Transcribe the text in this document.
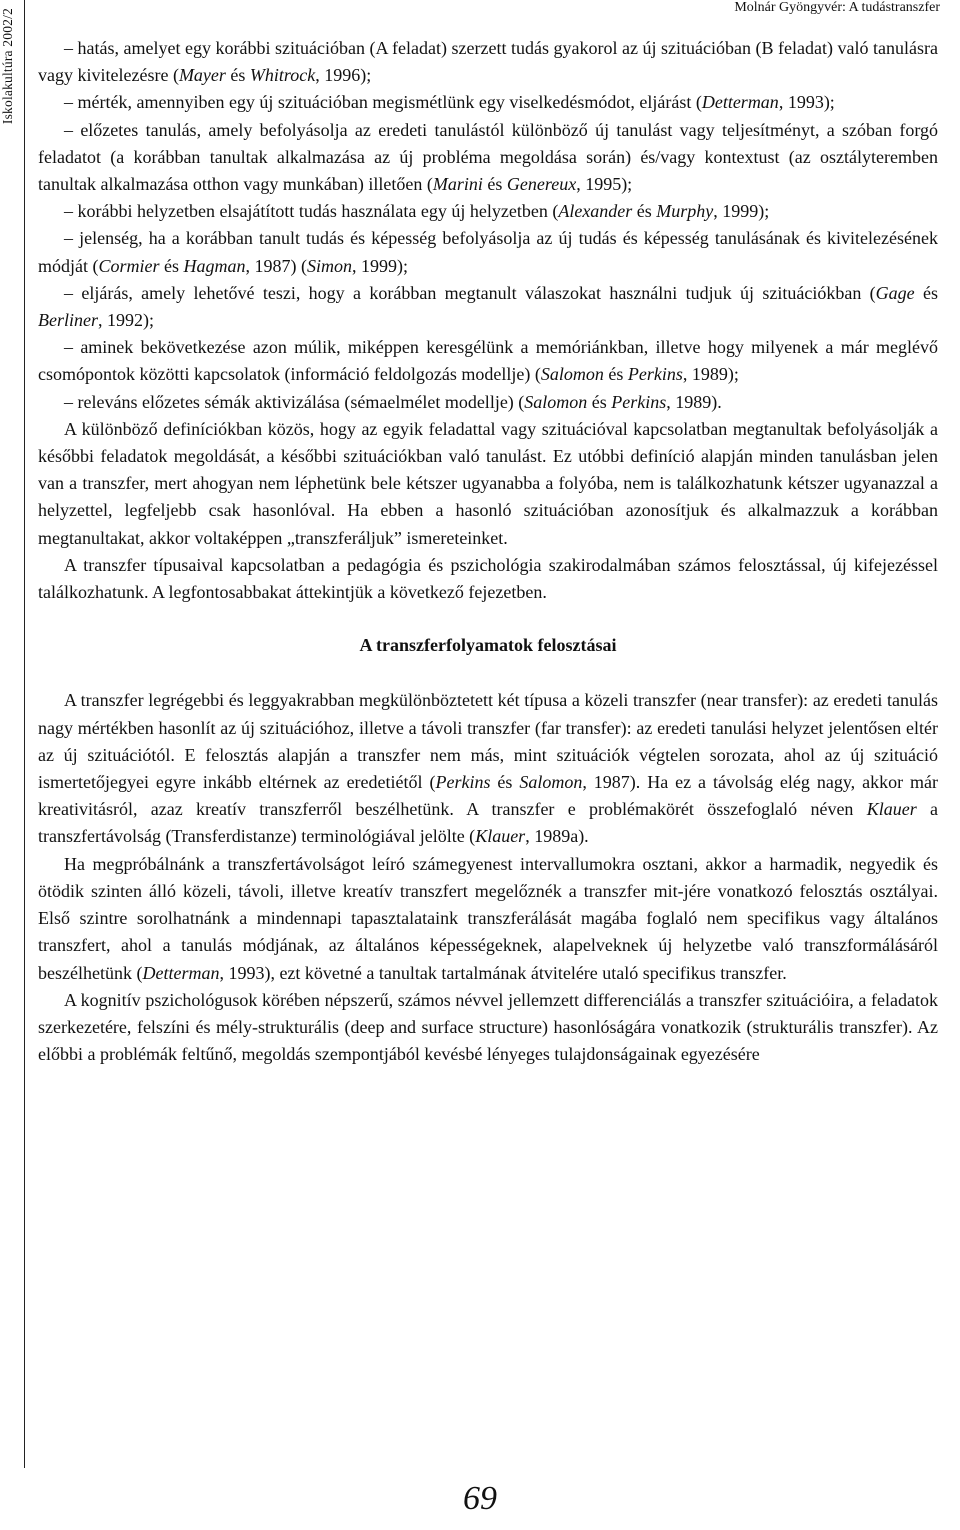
Iskolakultúra 2002/2
Molnár Gyöngyvér: A tudástranszfer

– hatás, amelyet egy korábbi szituációban (A feladat) szerzett tudás gyakorol az új szituációban (B feladat) való tanulásra vagy kivitelezésre (Mayer és Whitrock, 1996);

– mérték, amennyiben egy új szituációban megismétlünk egy viselkedésmódot, eljárást (Detterman, 1993);

– előzetes tanulás, amely befolyásolja az eredeti tanulástól különböző új tanulást vagy teljesítményt, a szóban forgó feladatot (a korábban tanultak alkalmazása az új probléma megoldása során) és/vagy kontextust (az osztályteremben tanultak alkalmazása otthon vagy munkában) illetően (Marini és Genereux, 1995);

– korábbi helyzetben elsajátított tudás használata egy új helyzetben (Alexander és Murphy, 1999);

– jelenség, ha a korábban tanult tudás és képesség befolyásolja az új tudás és képesség tanulásának és kivitelezésének módját (Cormier és Hagman, 1987) (Simon, 1999);

– eljárás, amely lehetővé teszi, hogy a korábban megtanult válaszokat használni tudjuk új szituációkban (Gage és Berliner, 1992);

– aminek bekövetkezése azon múlik, miképpen keresgélünk a memóriánkban, illetve hogy milyenek a már meglévő csomópontok közötti kapcsolatok (információ feldolgozás modellje) (Salomon és Perkins, 1989);

– releváns előzetes sémák aktivizálása (sémaelmélet modellje) (Salomon és Perkins, 1989).

A különböző definíciókban közös, hogy az egyik feladattal vagy szituációval kapcsolatban megtanultak befolyásolják a későbbi feladatok megoldását, a későbbi szituációkban való tanulást. Ez utóbbi definíció alapján minden tanulásban jelen van a transzfer, mert ahogyan nem léphetünk bele kétszer ugyanabba a folyóba, nem is találkozhatunk kétszer ugyanazzal a helyzettel, legfeljebb csak hasonlóval. Ha ebben a hasonló szituációban azonosítjuk és alkalmazzuk a korábban megtanultakat, akkor voltaképpen „transzferáljuk” ismereteinket.

A transzfer típusaival kapcsolatban a pedagógia és pszichológia szakirodalmában számos felosztással, új kifejezéssel találkozhatunk. A legfontosabbakat áttekintjük a következő fejezetben.

A transzferfolyamatok felosztásai

A transzfer legrégebbi és leggyakrabban megkülönböztetett két típusa a közeli transzfer (near transfer): az eredeti tanulás nagy mértékben hasonlít az új szituációhoz, illetve a távoli transzfer (far transfer): az eredeti tanulási helyzet jelentősen eltér az új szituációtól. E felosztás alapján a transzfer nem más, mint szituációk végtelen sorozata, ahol az új szituáció ismertetőjegyei egyre inkább eltérnek az eredetiétől (Perkins és Salomon, 1987). Ha ez a távolság elég nagy, akkor már kreativitásról, azaz kreatív transzferről beszélhetünk. A transzfer e problémakörét összefoglaló néven Klauer a transzfertávolság (Transferdistanze) terminológiával jelölte (Klauer, 1989a).

Ha megpróbálnánk a transzfertávolságot leíró számegyenest intervallumokra osztani, akkor a harmadik, negyedik és ötödik szinten álló közeli, távoli, illetve kreatív transzfert megelőznék a transzfer mit-jére vonatkozó felosztás osztályai. Első szintre sorolhatnánk a mindennapi tapasztalataink transzferálását magába foglaló nem specifikus vagy általános transzfert, ahol a tanulás módjának, az általános képességeknek, alapelveknek új helyzetbe való transzformálásáról beszélhetünk (Detterman, 1993), ezt követné a tanultak tartalmának átvitelére utaló specifikus transzfer.

A kognitív pszichológusok körében népszerű, számos névvel jellemzett differenciálás a transzfer szituációira, a feladatok szerkezetére, felszíni és mély-strukturális (deep and surface structure) hasonlóságára vonatkozik (strukturális transzfer). Az előbbi a problémák feltűnő, megoldás szempontjából kevésbé lényeges tulajdonságainak egyezésére

69
